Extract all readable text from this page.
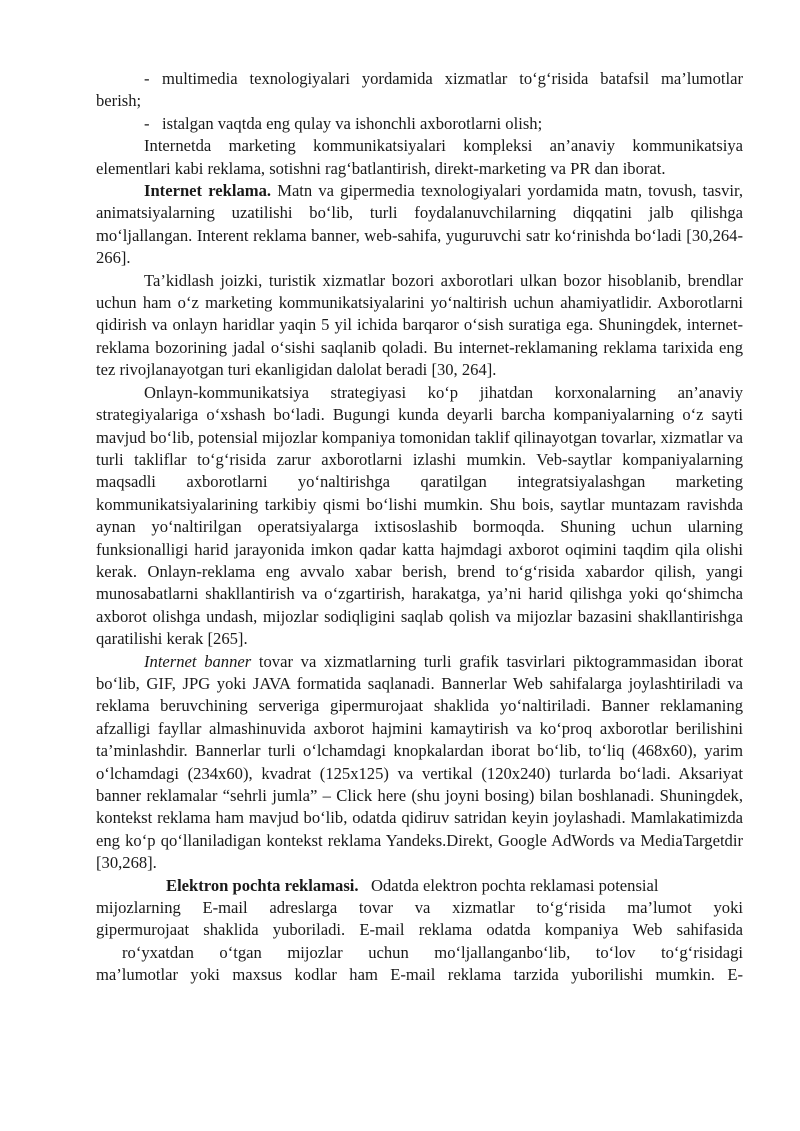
- multimedia texnologiyalari yordamida xizmatlar to‘g‘risida batafsil ma’lumotlar berish;

- istalgan vaqtda eng qulay va ishonchli axborotlarni olish;

Internetda marketing kommunikatsiyalari kompleksi an’anaviy kommunikatsiya elementlari kabi reklama, sotishni rag‘batlantirish, direkt-marketing va PR dan iborat.

Internet reklama. Matn va gipermedia texnologiyalari yordamida matn, tovush, tasvir, animatsiyalarning uzatilishi bo‘lib, turli foydalanuvchilarning diqqatini jalb qilishga mo‘ljallangan. Interent reklama banner, web-sahifa, yuguruvchi satr ko‘rinishda bo‘ladi [30,264-266].

Ta’kidlash joizki, turistik xizmatlar bozori axborotlari ulkan bozor hisoblanib, brendlar uchun ham o‘z marketing kommunikatsiyalarini yo‘naltirish uchun ahamiyatlidir. Axborotlarni qidirish va onlayn haridlar yaqin 5 yil ichida barqaror o‘sish suratiga ega. Shuningdek, internet-reklama bozorining jadal o‘sishi saqlanib qoladi. Bu internet-reklamaning reklama tarixida eng tez rivojlanayotgan turi ekanligidan dalolat beradi [30, 264].

Onlayn-kommunikatsiya strategiyasi ko‘p jihatdan korxonalarning an’anaviy strategiyalariga o‘xshash bo‘ladi. Bugungi kunda deyarli barcha kompaniyalarning o‘z sayti mavjud bo‘lib, potensial mijozlar kompaniya tomonidan taklif qilinayotgan tovarlar, xizmatlar va turli takliflar to‘g‘risida zarur axborotlarni izlashi mumkin. Veb-saytlar kompaniyalarning maqsadli axborotlarni yo‘naltirishga qaratilgan integratsiyalashgan marketing kommunikatsiyalarining tarkibiy qismi bo‘lishi mumkin. Shu bois, saytlar muntazam ravishda aynan yo‘naltirilgan operatsiyalarga ixtisoslashib bormoqda. Shuning uchun ularning funksionalligi harid jarayonida imkon qadar katta hajmdagi axborot oqimini taqdim qila olishi kerak. Onlayn-reklama eng avvalo xabar berish, brend to‘g‘risida xabardor qilish, yangi munosabatlarni shakllantirish va o‘zgartirish, harakatga, ya’ni harid qilishga yoki qo‘shimcha axborot olishga undash, mijozlar sodiqligini saqlab qolish va mijozlar bazasini shakllantirishga qaratilishi kerak [265].

Internet banner tovar va xizmatlarning turli grafik tasvirlari piktogrammasidan iborat bo‘lib, GIF, JPG yoki JAVA formatida saqlanadi. Bannerlar Web sahifalarga joylashtiriladi va reklama beruvchining serveriga gipermurojaat shaklida yo‘naltiriladi. Banner reklamaning afzalligi fayllar almashinuvida axborot hajmini kamaytirish va ko‘proq axborotlar berilishini ta’minlashdir. Bannerlar turli o‘lchamdagi knopkalardan iborat bo‘lib, to‘liq (468x60), yarim o‘lchamdagi (234x60), kvadrat (125x125) va vertikal (120x240) turlarda bo‘ladi. Aksariyat banner reklamalar “sehrli jumla” – Click here (shu joyni bosing) bilan boshlanadi. Shuningdek, kontekst reklama ham mavjud bo‘lib, odatda qidiruv satridan keyin joylashadi. Mamlakatimizda eng ko‘p qo‘llaniladigan kontekst reklama Yandeks.Direkt, Google AdWords va MediaTargetdir [30,268].

Elektron pochta reklamasi. Odatda elektron pochta reklamasi potensial

mijozlarning E-mail adreslarga tovar va xizmatlar to‘g‘risida ma’lumot yoki

gipermurojaat shaklida yuboriladi. E-mail reklama odatda kompaniya Web sahifasida

ro‘yxatdan o‘tgan mijozlar uchun mo‘ljallanganbo‘lib, to‘lov to‘g‘risidagi

ma’lumotlar yoki maxsus kodlar ham E-mail reklama tarzida yuborilishi mumkin. E-
